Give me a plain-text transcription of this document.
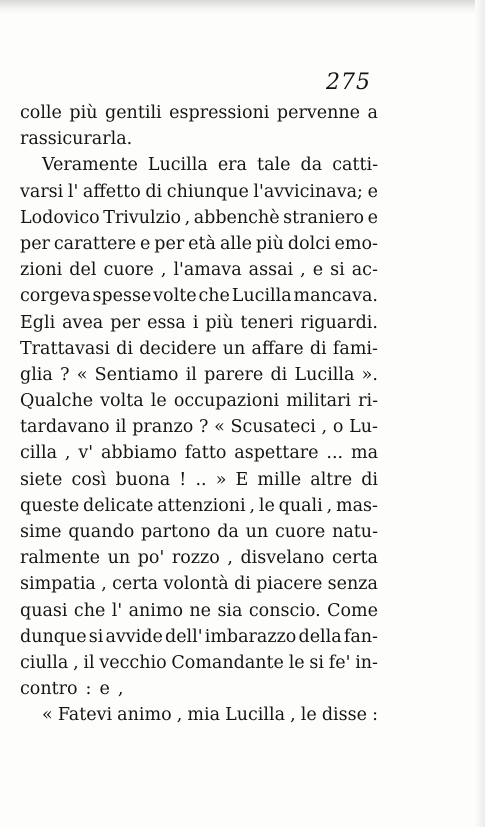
275
colle più gentili espressioni pervenne a
rassicurarla.
Veramente Lucilla era tale da catti-
varsi l' affetto di chiunque l'avvicinava; e
Lodovico Trivulzio , abbenchè straniero e
per carattere e per età alle più dolci emo-
zioni del cuore , l'amava assai , e si ac-
corgeva spesse volte che Lucilla mancava.
Egli avea per essa i più teneri riguardi.
Trattavasi di decidere un affare di fami-
glia ? « Sentiamo il parere di Lucilla ».
Qualche volta le occupazioni militari ri-
tardavano il pranzo ? « Scusateci , o Lu-
cilla , v' abbiamo fatto aspettare ... ma
siete così buona ! .. » E mille altre di
queste delicate attenzioni , le quali , mas-
sime quando partono da un cuore natu-
ralmente un po' rozzo , disvelano certa
simpatia , certa volontà di piacere senza
quasi che l' animo ne sia conscio. Come
dunque si avvide dell' imbarazzo della fan-
ciulla , il vecchio Comandante le si fe' in-
contro : e ,
« Fatevi animo , mia Lucilla , le disse :
